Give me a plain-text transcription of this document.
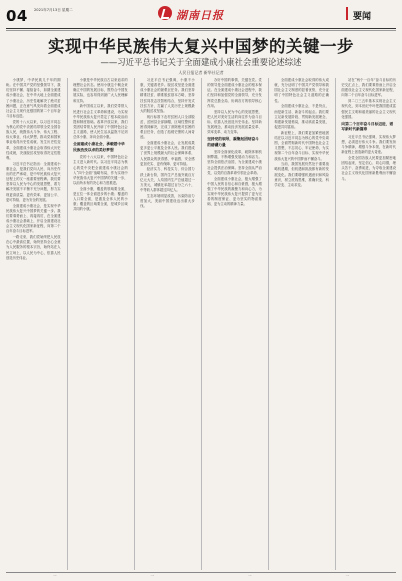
04 2021年7月13日 星期二	湖南日报	要闻
实现中华民族伟大复兴中国梦的关键一步
——习近平总书记关于全面建成小康社会重要论述综述
人民日报记者 新华社记者

小康梦，中华民族几千年的期盼。在中国共产党的坚强领导下，我们坚持不懈、接续奋斗，如期全面建成小康社会，在中华大地上全面建成了小康社会，历史性地解决了绝对贫困问题，正在意气风发向着全面建成社会主义现代化强国的第二个百年奋斗目标迈进。

党的十八大以来，以习近平同志为核心的党中央团结带领全党全国各族人民，统揽伟大斗争、伟大工程、伟大事业、伟大梦想，推动党和国家事业取得历史性成就、发生历史性变革，全面建成小康社会取得伟大历史性成就，决战脱贫攻坚取得决定性胜利。

习近平总书记指出：全面建成小康社会，是我们党向人民、向历史作出的庄严承诺，是中华民族伟大复兴征程上的又一座重要里程碑。我们要坚持以人民为中心的发展思想，着力解决发展不平衡不充分问题，努力实现更高质量、更有效率、更加公平、更可持续、更为安全的发展。

全面建成小康社会，是实现中华民族伟大复兴中国梦的关键一步。我们要乘势而上、再接再厉，在全面建成小康社会基础上，开启全面建设社会主义现代化国家新征程，向第二个百年奋斗目标进军。

一路走来，我们党始终把人民放在心中最高位置，始终坚持全心全意为人民服务的根本宗旨，始终站在人民立场上，以人民为中心，依靠人民创造历史伟业。

小康是中华民族自古以来追求的理想社会状态。使用小康这个概念来确立中国的发展目标，既符合中国发展实际，也容易得到最广大人民理解和支持。

新中国成立以来，我们党带领人民进行社会主义革命和建设，为实现中华民族伟大复兴奠定了根本政治前提和制度基础。改革开放以来，我们党团结带领人民开辟了中国特色社会主义道路，使人民生活从温饱不足到总体小康、奔向全面小康。

全面建成小康社会，承载着中华民族孜孜以求的美好梦想

党的十八大以来，中国特色社会主义进入新时代。以习近平同志为核心的党中央把全面建成小康社会纳入“四个全面”战略布局，作为实现中华民族伟大复兴中国梦的关键一步，以前所未有的决心和力度推进。

全面小康，覆盖的领域要全面，是五位一体全面进步的小康；覆盖的人口要全面，是惠及全体人民的小康；覆盖的区域要全面，是城乡区域共同的小康。

习近平总书记强调，小康不小康，关键看老乡。脱贫攻坚是全面建成小康社会的最艰巨任务。我们坚持精准扶贫、精准脱贫基本方略，坚持扶贫同扶志扶智相结合，坚持开发式扶贫方针，打赢了人类历史上规模最大的脱贫攻坚战。

现行标准下农村贫困人口全部脱贫，贫困县全部摘帽，区域性整体贫困得到解决，完成了消除绝对贫困的艰巨任务，创造了彪炳史册的人间奇迹。

全面建成小康社会，让发展成果更多更公平惠及全体人民。我们建成了世界上规模最大的社会保障体系，人民群众的获得感、幸福感、安全感更加充实、更有保障、更可持续。

经济实力、科技实力、综合国力跃上新台阶，国内生产总值突破百万亿元大关，人均国内生产总值超过一万美元，城镇化率超过百分之六十，中等收入群体超过四亿人。

生态环境明显改善，污染防治力度加大，美丽中国建设迈出重大步伐。

办好中国的事情，关键在党。党的领导是全面建成小康社会的根本保证。在全面建成小康社会进程中，我们坚持和加强党的全面领导，充分发挥党总揽全局、协调各方的领导核心作用。

坚持以人民为中心的发展思想，把人民对美好生活的向往作为奋斗目标，依靠人民创造历史伟业。坚持新发展理念，推动经济发展质量变革、效率变革、动力变革。

坚持党的领导，凝聚起团结奋斗的磅礴力量

坚持全面深化改革，破除体制机制弊端，不断增强发展动力和活力。坚持全面依法治国，为全面建成小康社会提供法治保障。坚持全面从严治党，以党的自我革命引领社会革命。

全面建成小康社会，极大增强了中国人民的自信心和自豪感，极大增强了中华民族的凝聚力和向心力，为实现中华民族伟大复兴提供了更为完善的制度保证、更为坚实的物质基础、更为主动的精神力量。

全面建成小康社会取得的伟大成就，充分证明了中国共产党领导和我国社会主义制度的显著优势，充分证明了中国特色社会主义道路的正确性。

全面建成小康社会，不是终点，而是新生活、新奋斗的起点。我们要立足新发展阶段、贯彻新发展理念、构建新发展格局，推动高质量发展，促进共同富裕。

新征程上，我们要更加紧密地团结在以习近平同志为核心的党中央周围，全面贯彻新时代中国特色社会主义思想，不忘初心、牢记使命，为实现第二个百年奋斗目标、实现中华民族伟大复兴的中国梦而不懈奋斗。

当前，我国发展仍然处于重要战略机遇期，但机遇和挑战都有新的发展变化。我们要增强机遇意识和风险意识，树立底线思维，准确识变、科学应变、主动求变。

站在“两个一百年”奋斗目标的历史交汇点上，我们要乘势而上开启全面建设社会主义现代化国家新征程，向第二个百年奋斗目标进军。

到二〇三五年基本实现社会主义现代化，到本世纪中叶把我国建成富强民主文明和谐美丽的社会主义现代化强国。

向第二个百年奋斗目标迈进，谱写新时代新篇章

习近平总书记强调，实现伟大梦想，必须进行伟大斗争。我们要发扬斗争精神，增强斗争本领，在新时代新征程上创造新的更大奇迹。

全党全国各族人民要更加紧密地团结起来，坚定信心、同心同德，埋头苦干、奋勇前进，为夺取全面建设社会主义现代化国家新胜利而不懈奋斗。

一	一	一	一
